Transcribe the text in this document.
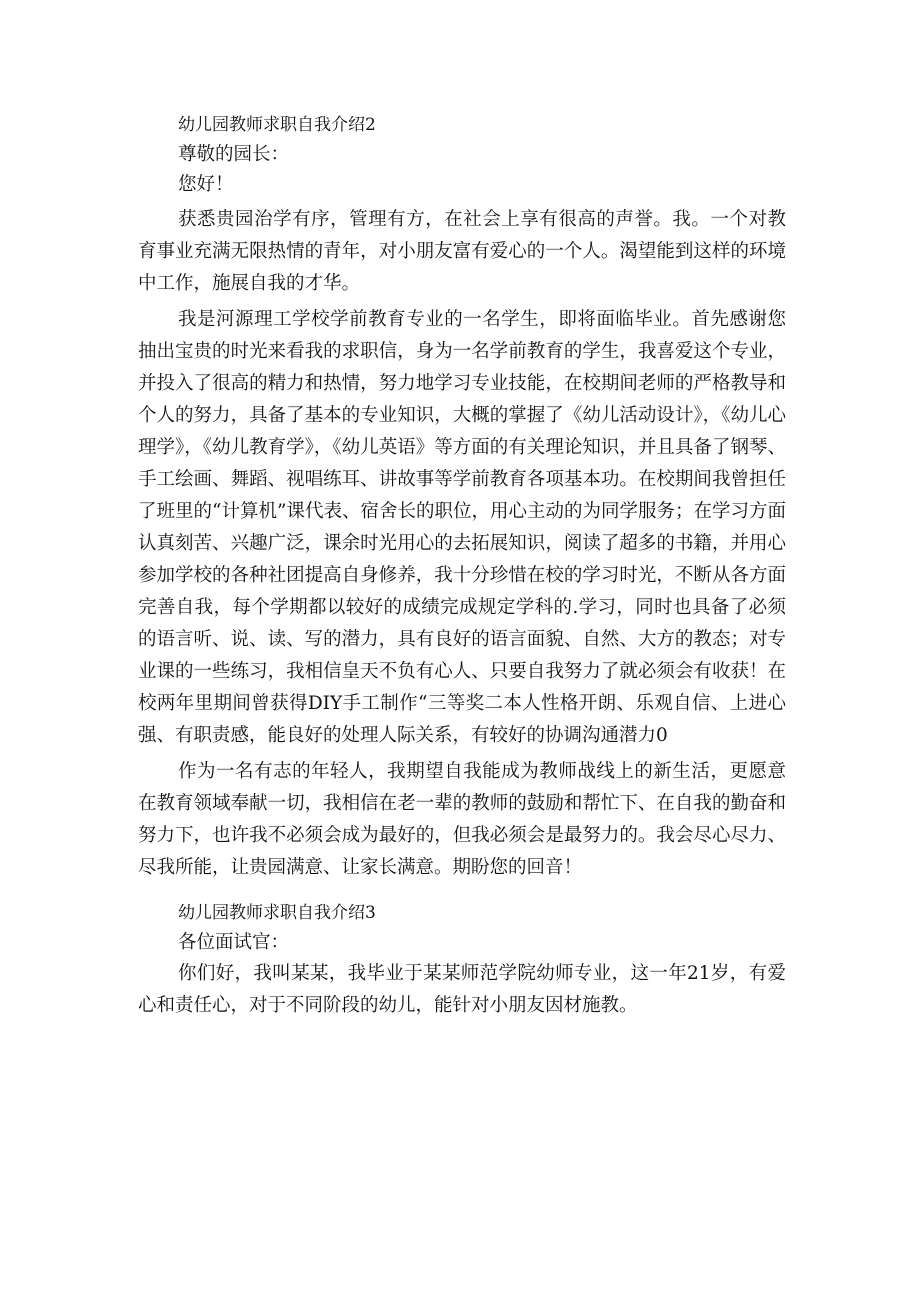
幼儿园教师求职自我介绍2

尊敬的园长：

您好！

获悉贵园治学有序，管理有方，在社会上享有很高的声誉。我。一个对教育事业充满无限热情的青年，对小朋友富有爱心的一个人。渴望能到这样的环境中工作，施展自我的才华。

我是河源理工学校学前教育专业的一名学生，即将面临毕业。首先感谢您抽出宝贵的时光来看我的求职信，身为一名学前教育的学生，我喜爱这个专业，并投入了很高的精力和热情，努力地学习专业技能，在校期间老师的严格教导和个人的努力，具备了基本的专业知识，大概的掌握了《幼儿活动设计》，《幼儿心理学》，《幼儿教育学》，《幼儿英语》等方面的有关理论知识，并且具备了钢琴、手工绘画、舞蹈、视唱练耳、讲故事等学前教育各项基本功。在校期间我曾担任了班里的“计算机”课代表、宿舍长的职位，用心主动的为同学服务；在学习方面认真刻苦、兴趣广泛，课余时光用心的去拓展知识，阅读了超多的书籍，并用心参加学校的各种社团提高自身修养，我十分珍惜在校的学习时光，不断从各方面完善自我，每个学期都以较好的成绩完成规定学科的.学习，同时也具备了必须的语言听、说、读、写的潜力，具有良好的语言面貌、自然、大方的教态；对专业课的一些练习，我相信皇天不负有心人、只要自我努力了就必须会有收获！在校两年里期间曾获得DIY手工制作“三等奖二本人性格开朗、乐观自信、上进心强、有职责感，能良好的处理人际关系，有较好的协调沟通潜力0

作为一名有志的年轻人，我期望自我能成为教师战线上的新生活，更愿意在教育领域奉献一切，我相信在老一辈的教师的鼓励和帮忙下、在自我的勤奋和努力下，也许我不必须会成为最好的，但我必须会是最努力的。我会尽心尽力、尽我所能，让贵园满意、让家长满意。期盼您的回音！

幼儿园教师求职自我介绍3

各位面试官：

你们好，我叫某某，我毕业于某某师范学院幼师专业，这一年21岁，有爱心和责任心，对于不同阶段的幼儿，能针对小朋友因材施教。
